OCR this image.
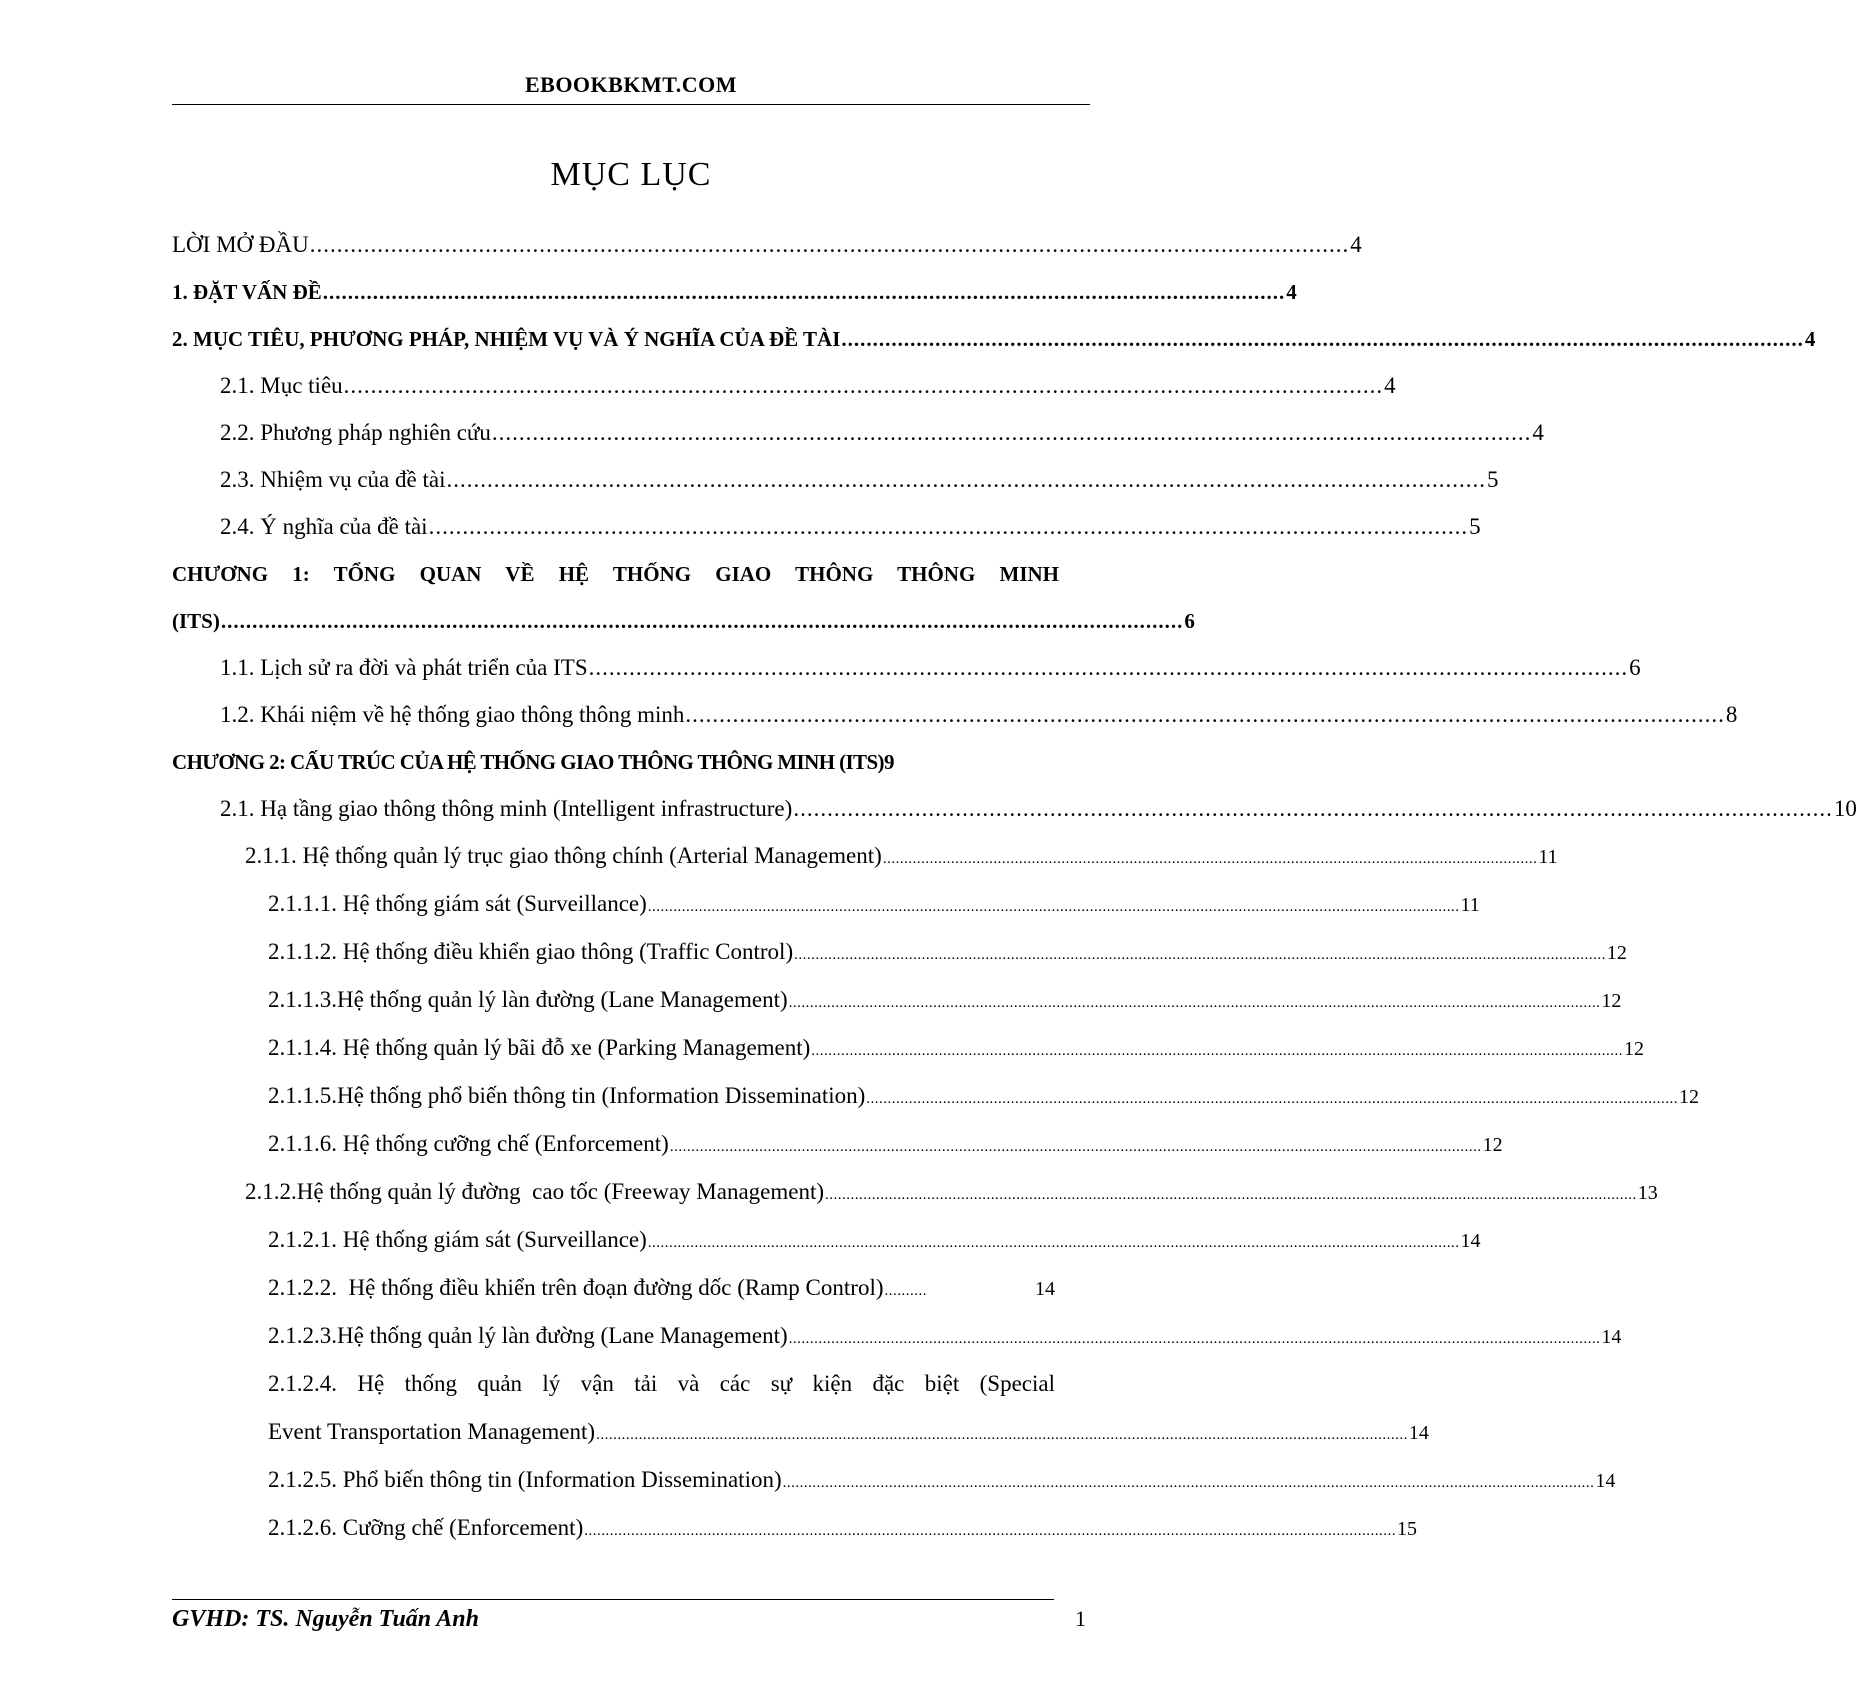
EBOOKBKMT.COM
MỤC LỤC
LỜI MỞ ĐẦU .......................................................................................................................................................... 4
1. ĐẶT VẤN ĐỀ .......................................................................................................................................................... 4
2. MỤC TIÊU, PHƯƠNG PHÁP, NHIỆM VỤ VÀ Ý NGHĨA CỦA ĐỀ TÀI .......................................................................................................................................................... 4
2.1. Mục tiêu .......................................................................................................................................................... 4
2.2. Phương pháp nghiên cứu .......................................................................................................................................................... 4
2.3. Nhiệm vụ của đề tài .......................................................................................................................................................... 5
2.4. Ý nghĩa của đề tài .......................................................................................................................................................... 5
CHƯƠNG 1: TỔNG QUAN VỀ HỆ THỐNG GIAO THÔNG THÔNG MINH
(ITS) .......................................................................................................................................................... 6
1.1. Lịch sử ra đời và phát triển của ITS .......................................................................................................................................................... 6
1.2. Khái niệm về hệ thống giao thông thông minh .......................................................................................................................................................... 8
CHƯƠNG 2: CẤU TRÚC CỦA HỆ THỐNG GIAO THÔNG THÔNG MINH (ITS) 9
2.1. Hạ tầng giao thông thông minh (Intelligent infrastructure) .......................................................................................................................................................... 10
2.1.1. Hệ thống quản lý trục giao thông chính (Arterial Management) .......................................................................................................................................................... 11
2.1.1.1. Hệ thống giám sát (Surveillance) ............................................................................................................................................................................................... 11
2.1.1.2. Hệ thống điều khiển giao thông (Traffic Control) ............................................................................................................................................................................................... 12
2.1.1.3.Hệ thống quản lý làn đường (Lane Management) ............................................................................................................................................................................................... 12
2.1.1.4. Hệ thống quản lý bãi đỗ xe (Parking Management) ............................................................................................................................................................................................... 12
2.1.1.5.Hệ thống phổ biến thông tin (Information Dissemination) ............................................................................................................................................................................................... 12
2.1.1.6. Hệ thống cưỡng chế (Enforcement) ............................................................................................................................................................................................... 12
2.1.2.Hệ thống quản lý đường  cao tốc (Freeway Management) ............................................................................................................................................................................................... 13
2.1.2.1. Hệ thống giám sát (Surveillance) ............................................................................................................................................................................................... 14
2.1.2.2.  Hệ thống điều khiển trên đoạn đường dốc (Ramp Control) ..........	14
2.1.2.3.Hệ thống quản lý làn đường (Lane Management) ............................................................................................................................................................................................... 14
2.1.2.4. Hệ thống quản lý vận tải và các sự kiện đặc biệt (Special
Event Transportation Management) ............................................................................................................................................................................................... 14
2.1.2.5. Phổ biến thông tin (Information Dissemination) ............................................................................................................................................................................................... 14
2.1.2.6. Cưỡng chế (Enforcement) ............................................................................................................................................................................................... 15
GVHD: TS. Nguyễn Tuấn Anh	1
